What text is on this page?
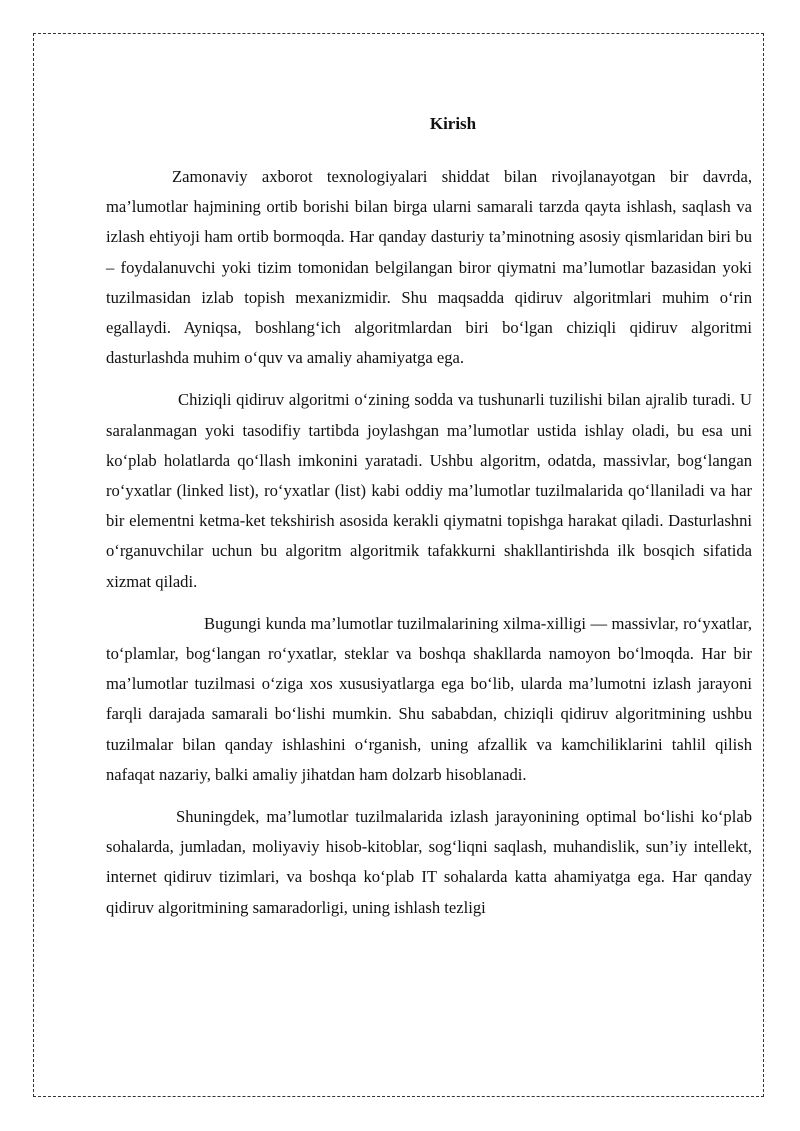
Kirish

Zamonaviy axborot texnologiyalari shiddat bilan rivojlanayotgan bir davrda, ma’lumotlar hajmining ortib borishi bilan birga ularni samarali tarzda qayta ishlash, saqlash va izlash ehtiyoji ham ortib bormoqda. Har qanday dasturiy ta’minotning asosiy qismlaridan biri bu – foydalanuvchi yoki tizim tomonidan belgilangan biror qiymatni ma’lumotlar bazasidan yoki tuzilmasidan izlab topish mexanizmidir. Shu maqsadda qidiruv algoritmlari muhim o‘rin egallaydi. Ayniqsa, boshlang‘ich algoritmlardan biri bo‘lgan chiziqli qidiruv algoritmi dasturlashda muhim o‘quv va amaliy ahamiyatga ega.

Chiziqli qidiruv algoritmi o‘zining sodda va tushunarli tuzilishi bilan ajralib turadi. U saralanmagan yoki tasodifiy tartibda joylashgan ma’lumotlar ustida ishlay oladi, bu esa uni ko‘plab holatlarda qo‘llash imkonini yaratadi. Ushbu algoritm, odatda, massivlar, bog‘langan ro‘yxatlar (linked list), ro‘yxatlar (list) kabi oddiy ma’lumotlar tuzilmalarida qo‘llaniladi va har bir elementni ketma-ket tekshirish asosida kerakli qiymatni topishga harakat qiladi. Dasturlashni o‘rganuvchilar uchun bu algoritm algoritmik tafakkurni shakllantirishda ilk bosqich sifatida xizmat qiladi.

Bugungi kunda ma’lumotlar tuzilmalarining xilma-xilligi — massivlar, ro‘yxatlar, to‘plamlar, bog‘langan ro‘yxatlar, steklar va boshqa shakllarda namoyon bo‘lmoqda. Har bir ma’lumotlar tuzilmasi o‘ziga xos xususiyatlarga ega bo‘lib, ularda ma’lumotni izlash jarayoni farqli darajada samarali bo‘lishi mumkin. Shu sababdan, chiziqli qidiruv algoritmining ushbu tuzilmalar bilan qanday ishlashini o‘rganish, uning afzallik va kamchiliklarini tahlil qilish nafaqat nazariy, balki amaliy jihatdan ham dolzarb hisoblanadi.

Shuningdek, ma’lumotlar tuzilmalarida izlash jarayonining optimal bo‘lishi ko‘plab sohalarda, jumladan, moliyaviy hisob-kitoblar, sog‘liqni saqlash, muhandislik, sun’iy intellekt, internet qidiruv tizimlari, va boshqa ko‘plab IT sohalarda katta ahamiyatga ega. Har qanday qidiruv algoritmining samaradorligi, uning ishlash tezligi
